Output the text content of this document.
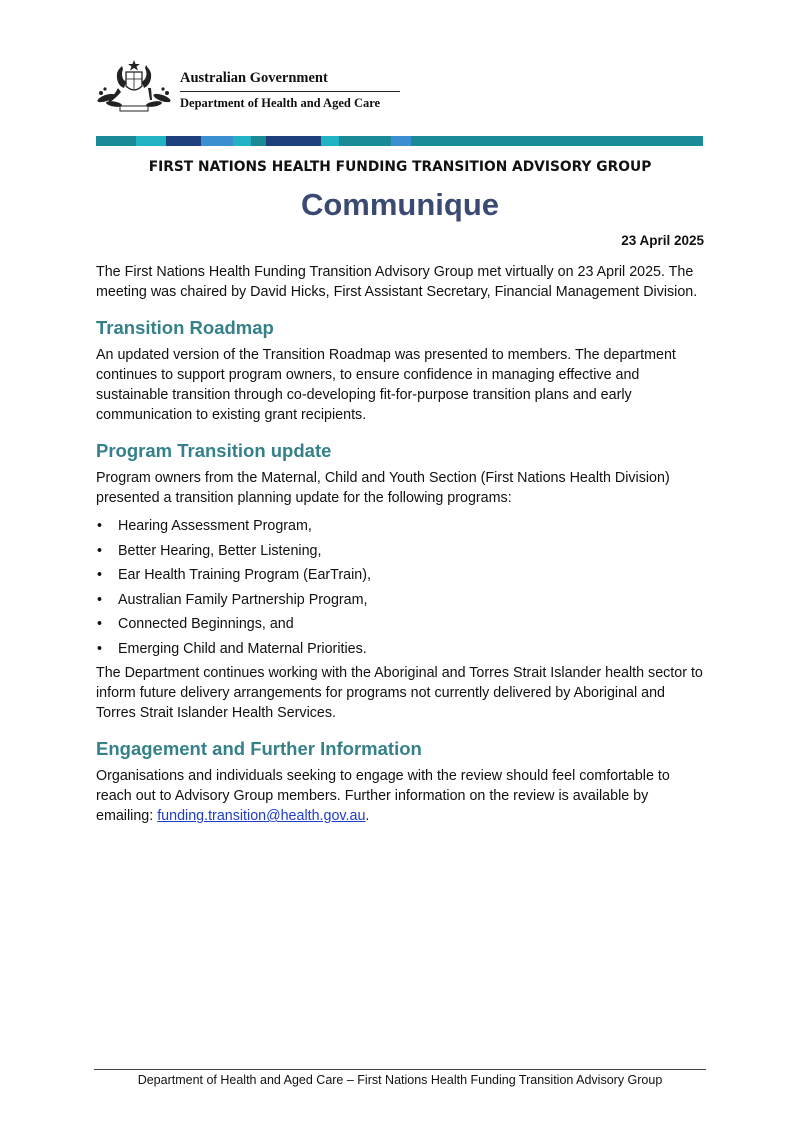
Australian Government
Department of Health and Aged Care
FIRST NATIONS HEALTH FUNDING TRANSITION ADVISORY GROUP
Communique
23 April 2025

The First Nations Health Funding Transition Advisory Group met virtually on 23 April 2025. The meeting was chaired by David Hicks, First Assistant Secretary, Financial Management Division.

Transition Roadmap

An updated version of the Transition Roadmap was presented to members. The department continues to support program owners, to ensure confidence in managing effective and sustainable transition through co-developing fit-for-purpose transition plans and early communication to existing grant recipients.

Program Transition update

Program owners from the Maternal, Child and Youth Section (First Nations Health Division) presented a transition planning update for the following programs:

• Hearing Assessment Program,
• Better Hearing, Better Listening,
• Ear Health Training Program (EarTrain),
• Australian Family Partnership Program,
• Connected Beginnings, and
• Emerging Child and Maternal Priorities.

The Department continues working with the Aboriginal and Torres Strait Islander health sector to inform future delivery arrangements for programs not currently delivered by Aboriginal and Torres Strait Islander Health Services.

Engagement and Further Information

Organisations and individuals seeking to engage with the review should feel comfortable to reach out to Advisory Group members. Further information on the review is available by emailing: funding.transition@health.gov.au.

Department of Health and Aged Care – First Nations Health Funding Transition Advisory Group
